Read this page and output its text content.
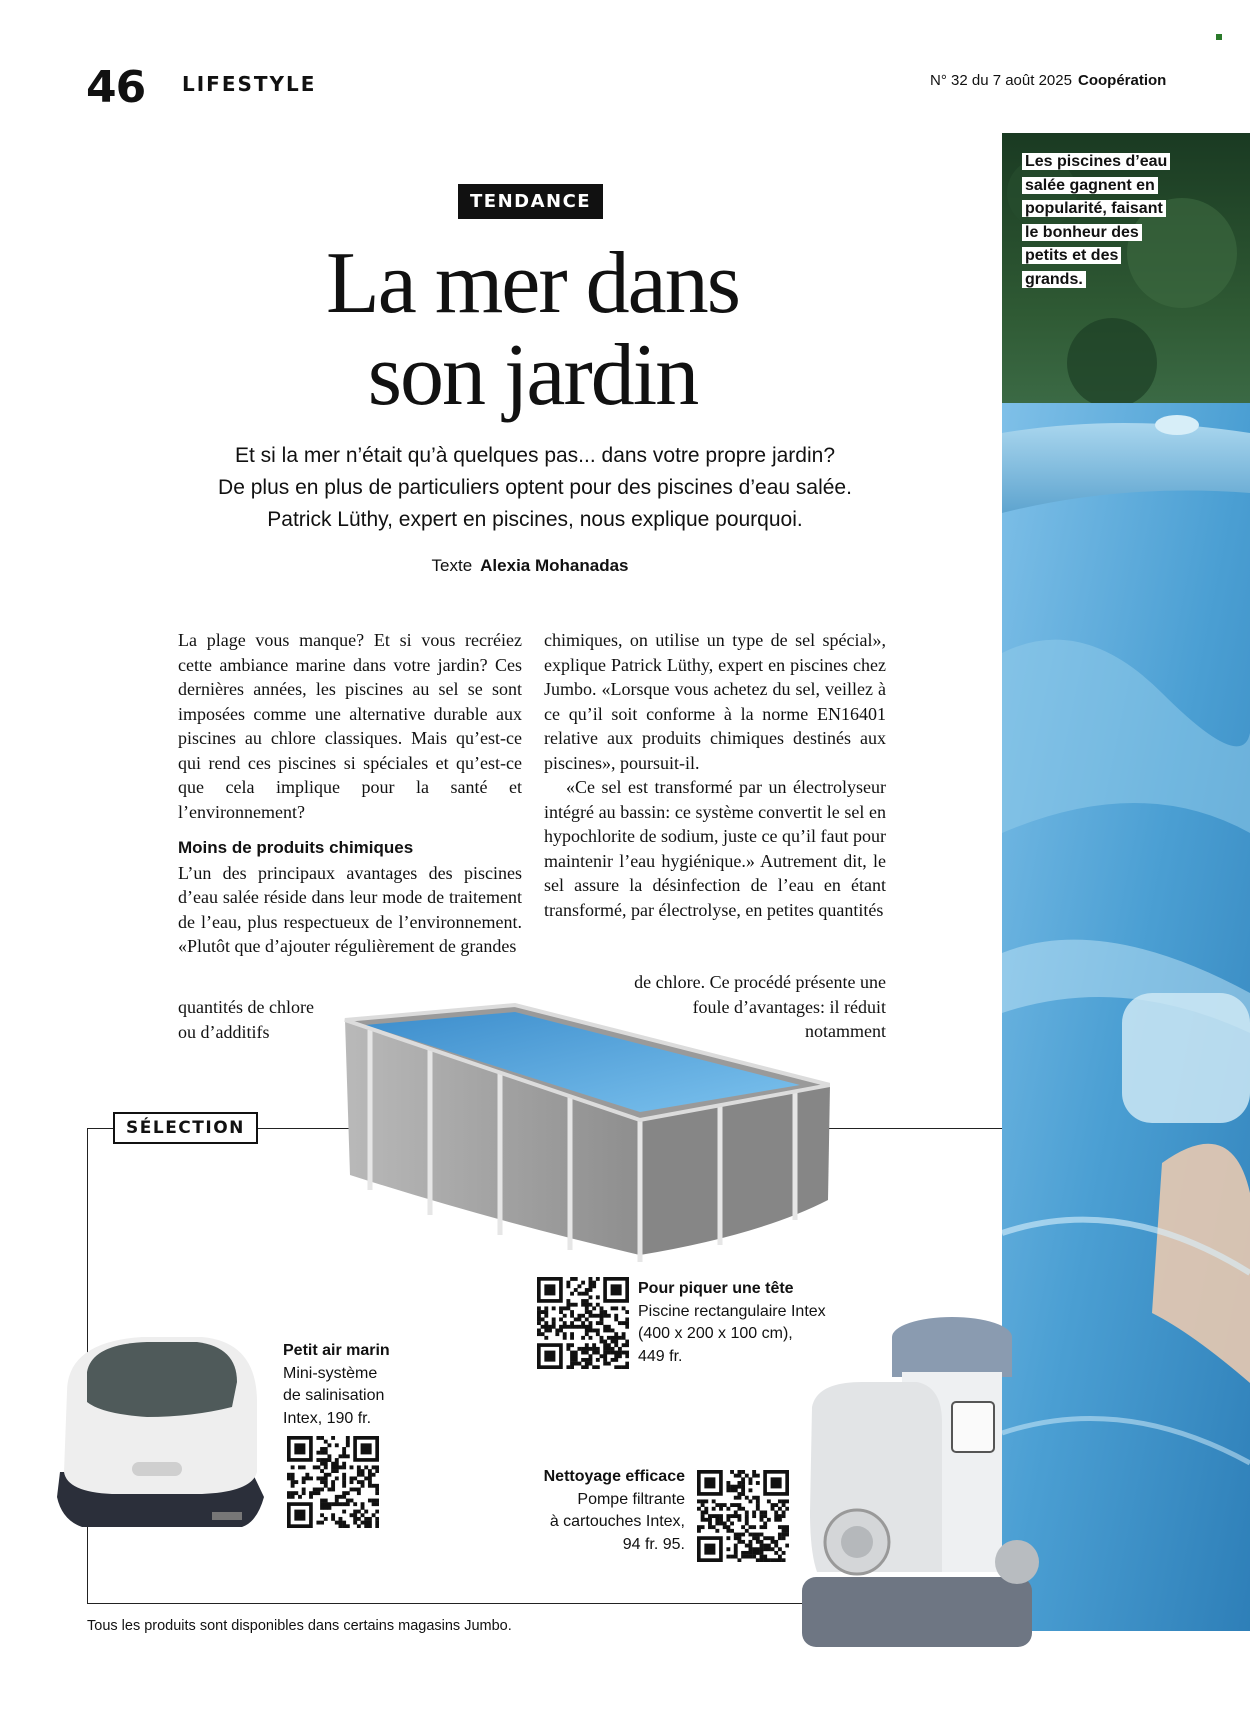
46 LIFESTYLE	N° 32 du 7 août 2025 Coopération
Les piscines d’eau salée gagnent en popularité, faisant le bonheur des petits et des grands.
TENDANCE
La mer dans
son jardin
Et si la mer n’était qu’à quelques pas... dans votre propre jardin?
De plus en plus de particuliers optent pour des piscines d’eau salée.
Patrick Lüthy, expert en piscines, nous explique pourquoi.
Texte Alexia Mohanadas

La plage vous manque? Et si vous recréiez cette ambiance marine dans votre jardin? Ces dernières années, les piscines au sel se sont imposées comme une alternative durable aux piscines au chlore classiques. Mais qu’est-ce qui rend ces piscines si spéciales et qu’est-ce que cela implique pour la santé et l’environnement?

Moins de produits chimiques

L’un des principaux avantages des piscines d’eau salée réside dans leur mode de traitement de l’eau, plus respectueux de l’environnement. «Plutôt que d’ajouter régulièrement de grandes

quantités de chlore
ou d’additifs

chimiques, on utilise un type de sel spécial», explique Patrick Lüthy, expert en piscines chez Jumbo. «Lorsque vous achetez du sel, veillez à ce qu’il soit conforme à la norme EN16401 relative aux produits chimiques destinés aux piscines», poursuit-il.

«Ce sel est transformé par un électrolyseur intégré au bassin: ce système convertit le sel en hypochlorite de sodium, juste ce qu’il faut pour maintenir l’eau hygiénique.» Autrement dit, le sel assure la désinfection de l’eau en étant transformé, par électrolyse, en petites quantités

de chlore. Ce procédé présente une
foule d’avantages: il réduit
notamment
SÉLECTION
Petit air marin
Mini-système
de salinisation
Intex, 190 fr.
Pour piquer une tête
Piscine rectangulaire Intex
(400 x 200 x 100 cm),
449 fr.
Nettoyage efficace
Pompe filtrante
à cartouches Intex,
94 fr. 95.
Tous les produits sont disponibles dans certains magasins Jumbo.
